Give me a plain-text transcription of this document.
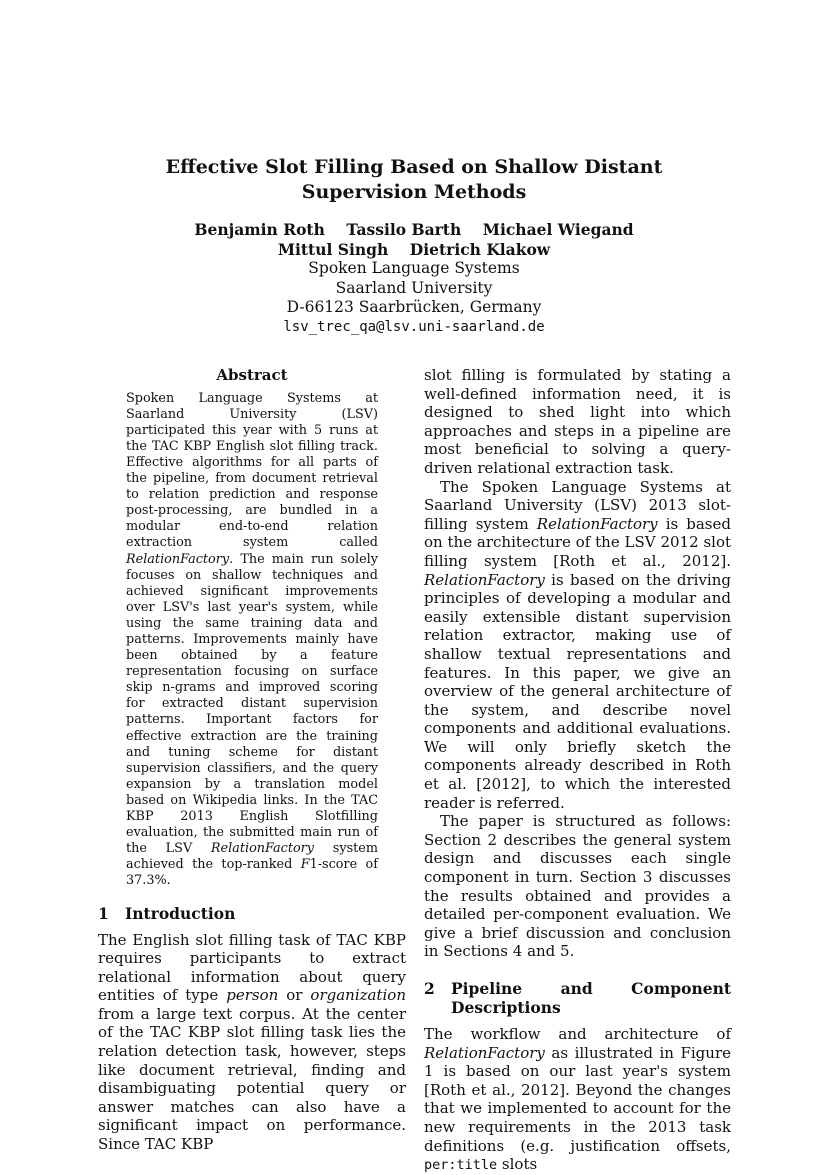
Effective Slot Filling Based on Shallow Distant Supervision Methods
Benjamin Roth    Tassilo Barth    Michael Wiegand
Mittul Singh    Dietrich Klakow
Spoken Language Systems
Saarland University
D-66123 Saarbrücken, Germany
lsv_trec_qa@lsv.uni-saarland.de
Abstract

Spoken Language Systems at Saarland University (LSV) participated this year with 5 runs at the TAC KBP English slot filling track. Effective algorithms for all parts of the pipeline, from document retrieval to relation prediction and response post-processing, are bundled in a modular end-to-end relation extraction system called RelationFactory. The main run solely focuses on shallow techniques and achieved significant improvements over LSV's last year's system, while using the same training data and patterns. Improvements mainly have been obtained by a feature representation focusing on surface skip n-grams and improved scoring for extracted distant supervision patterns. Important factors for effective extraction are the training and tuning scheme for distant supervision classifiers, and the query expansion by a translation model based on Wikipedia links. In the TAC KBP 2013 English Slotfilling evaluation, the submitted main run of the LSV RelationFactory system achieved the top-ranked F1-score of 37.3%.

1	Introduction

The English slot filling task of TAC KBP requires participants to extract relational information about query entities of type person or organization from a large text corpus. At the center of the TAC KBP slot filling task lies the relation detection task, however, steps like document retrieval, finding and disambiguating potential query or answer matches can also have a significant impact on performance. Since TAC KBP

slot filling is formulated by stating a well-defined information need, it is designed to shed light into which approaches and steps in a pipeline are most beneficial to solving a query-driven relational extraction task.

The Spoken Language Systems at Saarland University (LSV) 2013 slot-filling system RelationFactory is based on the architecture of the LSV 2012 slot filling system [Roth et al., 2012]. RelationFactory is based on the driving principles of developing a modular and easily extensible distant supervision relation extractor, making use of shallow textual representations and features. In this paper, we give an overview of the general architecture of the system, and describe novel components and additional evaluations. We will only briefly sketch the components already described in Roth et al. [2012], to which the interested reader is referred.

The paper is structured as follows: Section 2 describes the general system design and discusses each single component in turn. Section 3 discusses the results obtained and provides a detailed per-component evaluation. We give a brief discussion and conclusion in Sections 4 and 5.

2	Pipeline and Component Descriptions

The workflow and architecture of RelationFactory as illustrated in Figure 1 is based on our last year's system [Roth et al., 2012]. Beyond the changes that we implemented to account for the new requirements in the 2013 task definitions (e.g. justification offsets, per:title slots
